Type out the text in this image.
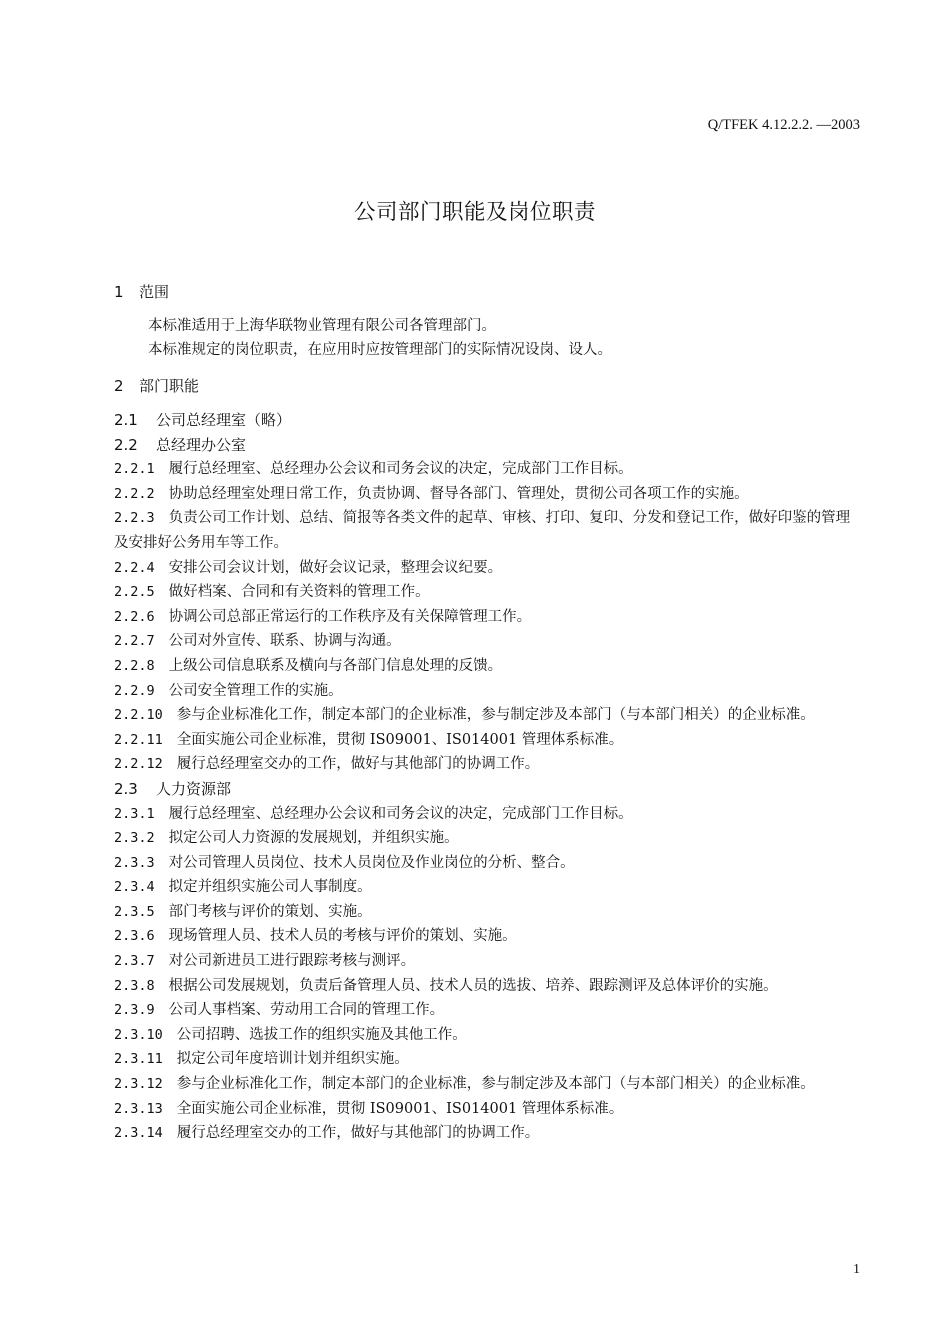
Q/TFEK 4.12.2.2. —2003
公司部门职能及岗位职责
1 范围
本标准适用于上海华联物业管理有限公司各管理部门。
本标准规定的岗位职责，在应用时应按管理部门的实际情况设岗、设人。
2 部门职能
2.1 公司总经理室（略）
2.2 总经理办公室
2.2.1 履行总经理室、总经理办公会议和司务会议的决定，完成部门工作目标。
2.2.2 协助总经理室处理日常工作，负责协调、督导各部门、管理处，贯彻公司各项工作的实施。
2.2.3 负责公司工作计划、总结、简报等各类文件的起草、审核、打印、复印、分发和登记工作，做好印鉴的管理及安排好公务用车等工作。
2.2.4 安排公司会议计划，做好会议记录，整理会议纪要。
2.2.5 做好档案、合同和有关资料的管理工作。
2.2.6 协调公司总部正常运行的工作秩序及有关保障管理工作。
2.2.7 公司对外宣传、联系、协调与沟通。
2.2.8 上级公司信息联系及横向与各部门信息处理的反馈。
2.2.9 公司安全管理工作的实施。
2.2.10 参与企业标准化工作，制定本部门的企业标准，参与制定涉及本部门（与本部门相关）的企业标准。
2.2.11 全面实施公司企业标准，贯彻 IS09001、IS014001 管理体系标准。
2.2.12 履行总经理室交办的工作，做好与其他部门的协调工作。
2.3 人力资源部
2.3.1 履行总经理室、总经理办公会议和司务会议的决定，完成部门工作目标。
2.3.2 拟定公司人力资源的发展规划，并组织实施。
2.3.3 对公司管理人员岗位、技术人员岗位及作业岗位的分析、整合。
2.3.4 拟定并组织实施公司人事制度。
2.3.5 部门考核与评价的策划、实施。
2.3.6 现场管理人员、技术人员的考核与评价的策划、实施。
2.3.7 对公司新进员工进行跟踪考核与测评。
2.3.8 根据公司发展规划，负责后备管理人员、技术人员的选拔、培养、跟踪测评及总体评价的实施。
2.3.9 公司人事档案、劳动用工合同的管理工作。
2.3.10 公司招聘、选拔工作的组织实施及其他工作。
2.3.11 拟定公司年度培训计划并组织实施。
2.3.12 参与企业标准化工作，制定本部门的企业标准，参与制定涉及本部门（与本部门相关）的企业标准。
2.3.13 全面实施公司企业标准，贯彻 IS09001、IS014001 管理体系标准。
2.3.14 履行总经理室交办的工作，做好与其他部门的协调工作。
1
